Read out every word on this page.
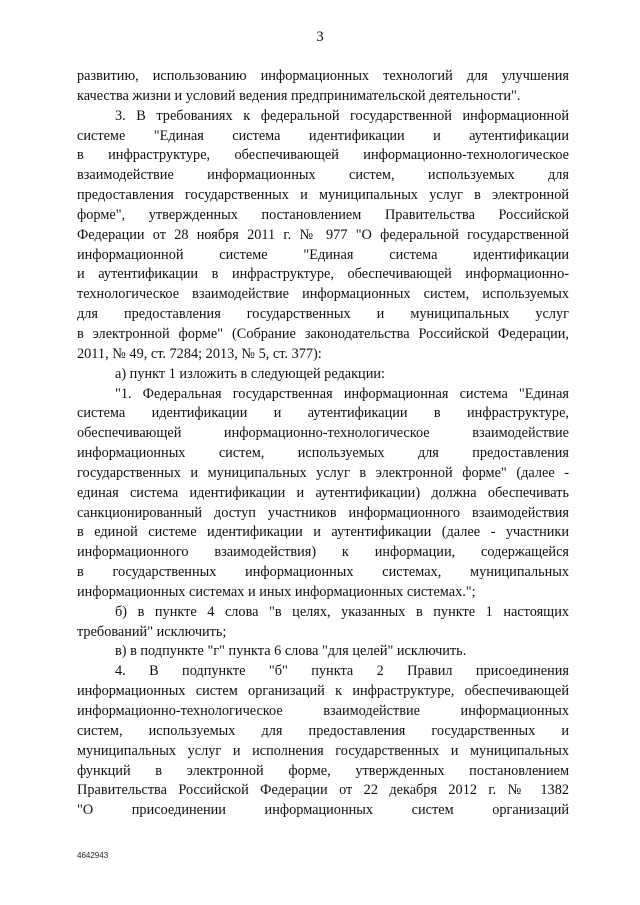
3
развитию, использованию информационных технологий для улучшения
качества жизни и условий ведения предпринимательской деятельности".
3. В требованиях к федеральной государственной информационной
системе "Единая система идентификации и аутентификации
в инфраструктуре, обеспечивающей информационно-технологическое
взаимодействие информационных систем, используемых для
предоставления государственных и муниципальных услуг в электронной
форме", утвержденных постановлением Правительства Российской
Федерации от 28 ноября 2011 г. № 977 "О федеральной государственной
информационной системе "Единая система идентификации
и аутентификации в инфраструктуре, обеспечивающей информационно-
технологическое взаимодействие информационных систем, используемых
для предоставления государственных и муниципальных услуг
в электронной форме" (Собрание законодательства Российской Федерации,
2011, № 49, ст. 7284; 2013, № 5, ст. 377):
а) пункт 1 изложить в следующей редакции:
"1. Федеральная государственная информационная система "Единая
система идентификации и аутентификации в инфраструктуре,
обеспечивающей информационно-технологическое взаимодействие
информационных систем, используемых для предоставления
государственных и муниципальных услуг в электронной форме" (далее -
единая система идентификации и аутентификации) должна обеспечивать
санкционированный доступ участников информационного взаимодействия
в единой системе идентификации и аутентификации (далее - участники
информационного взаимодействия) к информации, содержащейся
в государственных информационных системах, муниципальных
информационных системах и иных информационных системах.";
б) в пункте 4 слова "в целях, указанных в пункте 1 настоящих
требований" исключить;
в) в подпункте "г" пункта 6 слова "для целей" исключить.
4. В подпункте "б" пункта 2 Правил присоединения
информационных систем организаций к инфраструктуре, обеспечивающей
информационно-технологическое взаимодействие информационных
систем, используемых для предоставления государственных и
муниципальных услуг и исполнения государственных и муниципальных
функций в электронной форме, утвержденных постановлением
Правительства Российской Федерации от 22 декабря 2012 г. № 1382
"О присоединении информационных систем организаций
4642943
